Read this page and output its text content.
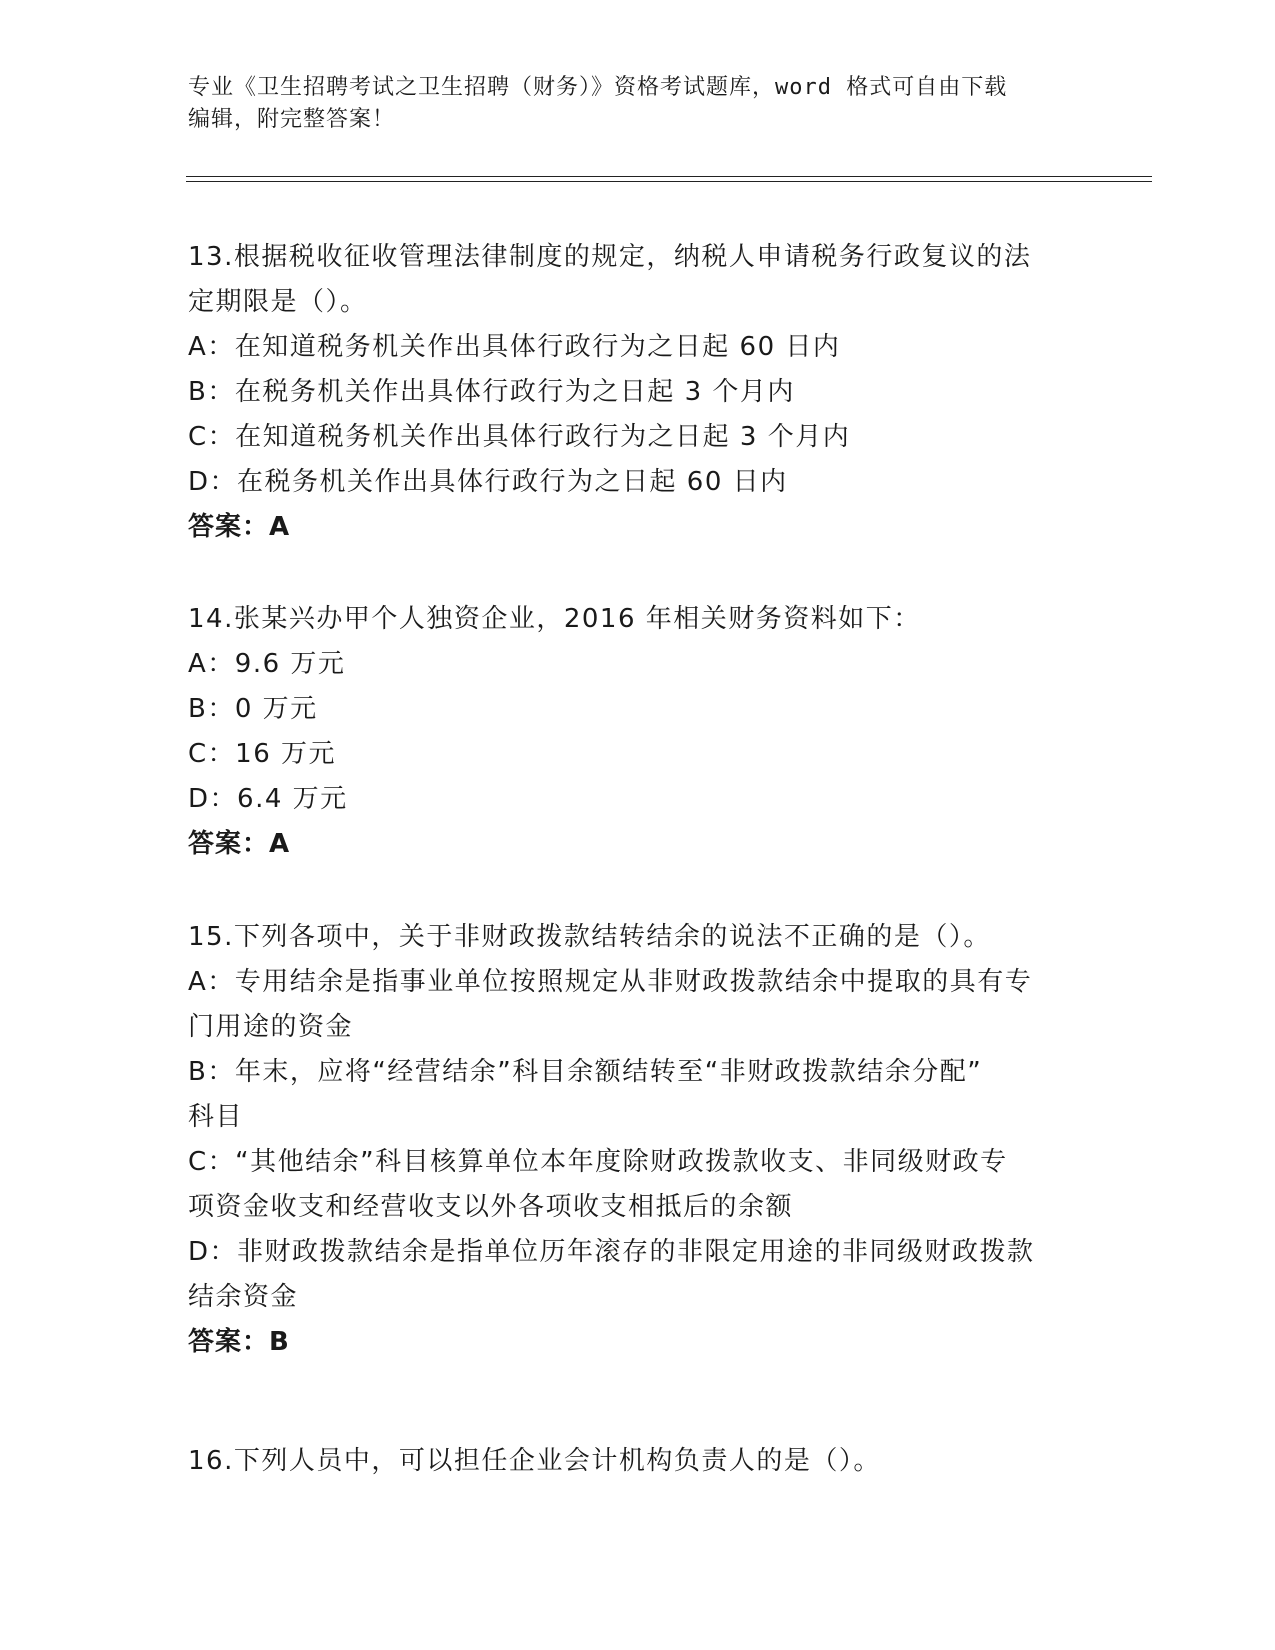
专业《卫生招聘考试之卫生招聘（财务）》资格考试题库，word 格式可自由下载
编辑，附完整答案！
13.根据税收征收管理法律制度的规定，纳税人申请税务行政复议的法
定期限是（）。
A：在知道税务机关作出具体行政行为之日起 60 日内
B：在税务机关作出具体行政行为之日起 3 个月内
C：在知道税务机关作出具体行政行为之日起 3 个月内
D：在税务机关作出具体行政行为之日起 60 日内
答案：A
14.张某兴办甲个人独资企业，2016 年相关财务资料如下：
A：9.6 万元
B：0 万元
C：16 万元
D：6.4 万元
答案：A
15.下列各项中，关于非财政拨款结转结余的说法不正确的是（）。
A：专用结余是指事业单位按照规定从非财政拨款结余中提取的具有专
门用途的资金
B：年末，应将“经营结余”科目余额结转至“非财政拨款结余分配”
科目
C：“其他结余”科目核算单位本年度除财政拨款收支、非同级财政专
项资金收支和经营收支以外各项收支相抵后的余额
D：非财政拨款结余是指单位历年滚存的非限定用途的非同级财政拨款
结余资金
答案：B
16.下列人员中，可以担任企业会计机构负责人的是（）。
